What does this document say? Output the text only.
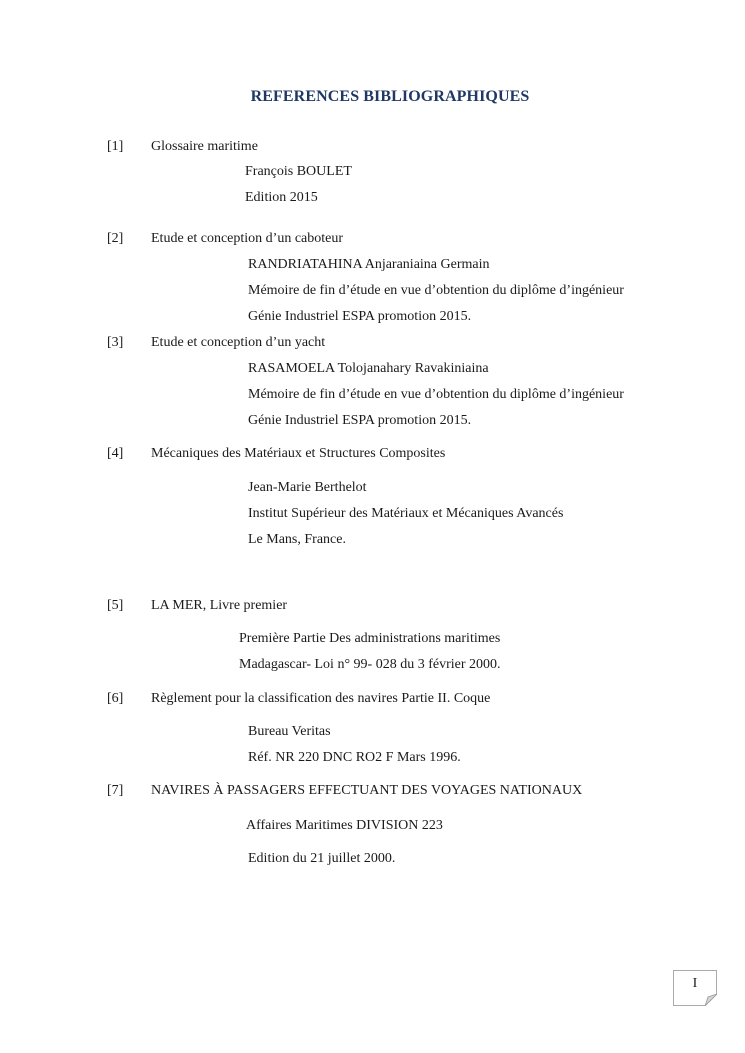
REFERENCES BIBLIOGRAPHIQUES
[1] Glossaire maritime
François BOULET
Edition 2015
[2] Etude et conception d’un caboteur
RANDRIATAHINA Anjaraniaina Germain
Mémoire de fin d’étude en vue d’obtention du diplôme d’ingénieur
Génie Industriel ESPA promotion 2015.
[3] Etude et conception d’un yacht
RASAMOELA Tolojanahary Ravakiniaina
Mémoire de fin d’étude en vue d’obtention du diplôme d’ingénieur
Génie Industriel ESPA promotion 2015.
[4] Mécaniques des Matériaux et Structures Composites
Jean-Marie Berthelot
Institut Supérieur des Matériaux et Mécaniques Avancés
Le Mans, France.
[5] LA MER, Livre premier
Première Partie Des administrations maritimes
Madagascar- Loi n° 99- 028 du 3 février 2000.
[6] Règlement pour la classification des navires Partie II. Coque
Bureau Veritas
Réf. NR 220 DNC RO2 F Mars 1996.
[7] NAVIRES À PASSAGERS EFFECTUANT DES VOYAGES NATIONAUX
Affaires Maritimes DIVISION 223
Edition du 21 juillet 2000.
I
